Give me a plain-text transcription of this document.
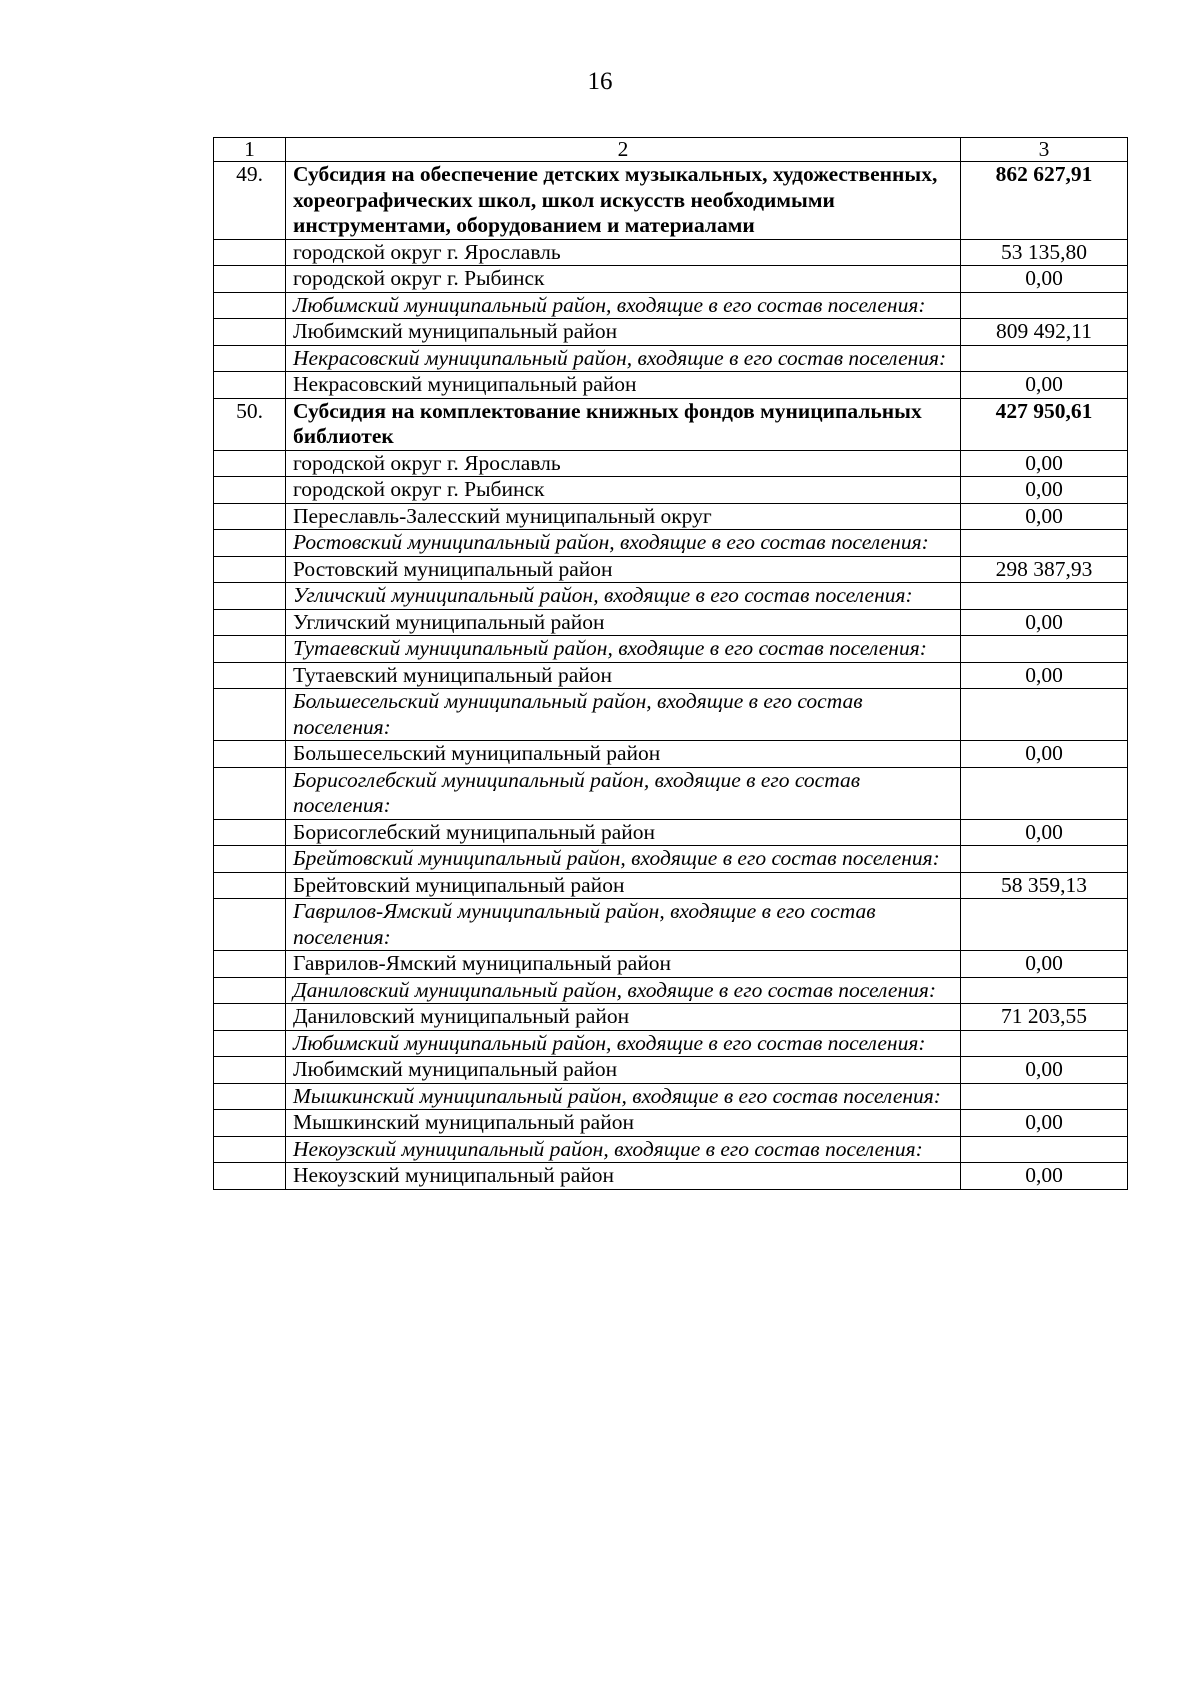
16
1	2	3
49.	Субсидия на обеспечение детских музыкальных, художественных, хореографических школ, школ искусств необходимыми инструментами, оборудованием и материалами	862 627,91
	городской округ г. Ярославль	53 135,80
	городской округ г. Рыбинск	0,00
	Любимский муниципальный район, входящие в его состав поселения:	
	Любимский муниципальный район	809 492,11
	Некрасовский муниципальный район, входящие в его состав поселения:	
	Некрасовский муниципальный район	0,00
50.	Субсидия на комплектование книжных фондов муниципальных библиотек	427 950,61
	городской округ г. Ярославль	0,00
	городской округ г. Рыбинск	0,00
	Переславль-Залесский муниципальный округ	0,00
	Ростовский муниципальный район, входящие в его состав поселения:	
	Ростовский муниципальный район	298 387,93
	Угличский муниципальный район, входящие в его состав поселения:	
	Угличский муниципальный район	0,00
	Тутаевский муниципальный район, входящие в его состав поселения:	
	Тутаевский муниципальный район	0,00
	Большесельский муниципальный район, входящие в его состав поселения:	
	Большесельский муниципальный район	0,00
	Борисоглебский муниципальный район, входящие в его состав поселения:	
	Борисоглебский муниципальный район	0,00
	Брейтовский муниципальный район, входящие в его состав поселения:	
	Брейтовский муниципальный район	58 359,13
	Гаврилов-Ямский муниципальный район, входящие в его состав поселения:	
	Гаврилов-Ямский муниципальный район	0,00
	Даниловский муниципальный район, входящие в его состав поселения:	
	Даниловский муниципальный район	71 203,55
	Любимский муниципальный район, входящие в его состав поселения:	
	Любимский муниципальный район	0,00
	Мышкинский муниципальный район, входящие в его состав поселения:	
	Мышкинский муниципальный район	0,00
	Некоузский муниципальный район, входящие в его состав поселения:	
	Некоузский муниципальный район	0,00
